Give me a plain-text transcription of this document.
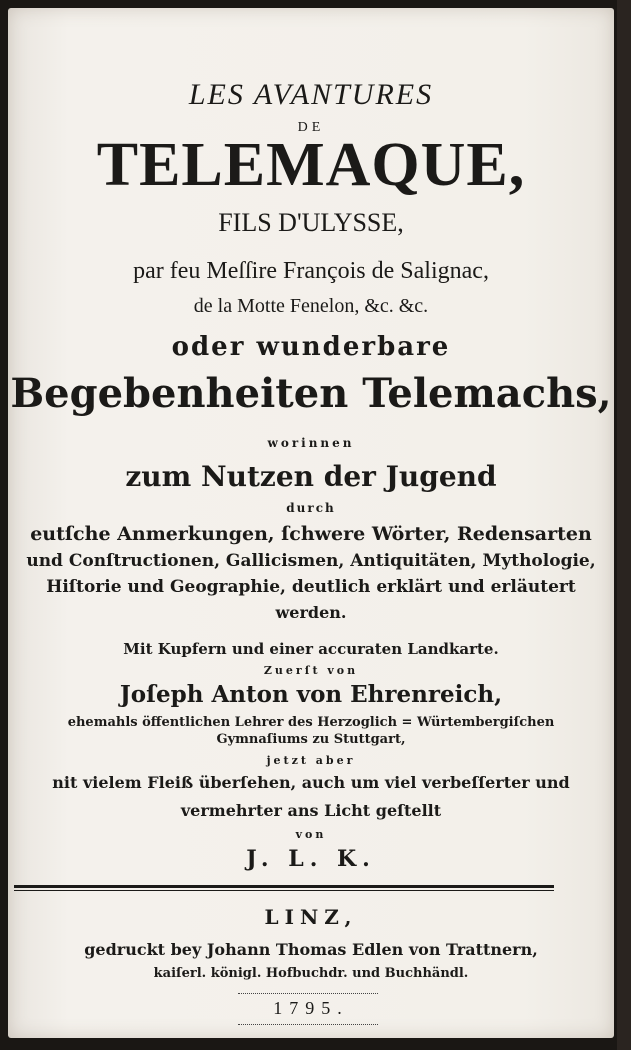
LES AVANTURES
DE
TELEMAQUE,
FILS D'ULYSSE,
par feu Meſſire François de Salignac,
de la Motte Fenelon, &c. &c.
oder wunderbare
Begebenheiten Telemachs,
worinnen
zum Nutzen der Jugend
durch
eutſche Anmerkungen, ſchwere Wörter, Redensarten
und Conſtructionen, Gallicismen, Antiquitäten, Mythologie,
Hiſtorie und Geographie, deutlich erklärt und erläutert
werden.
Mit Kupfern und einer accuraten Landkarte.
Zuerſt von
Joſeph Anton von Ehrenreich,
ehemahls öffentlichen Lehrer des Herzoglich = Würtembergiſchen
Gymnaſiums zu Stuttgart,
jetzt aber
nit vielem Fleiß überſehen, auch um viel verbeſſerter und
vermehrter ans Licht geſtellt
von
J. L. K.
LINZ,
gedruckt bey Johann Thomas Edlen von Trattnern,
kaiſerl. königl. Hofbuchdr. und Buchhändl.
1795.
